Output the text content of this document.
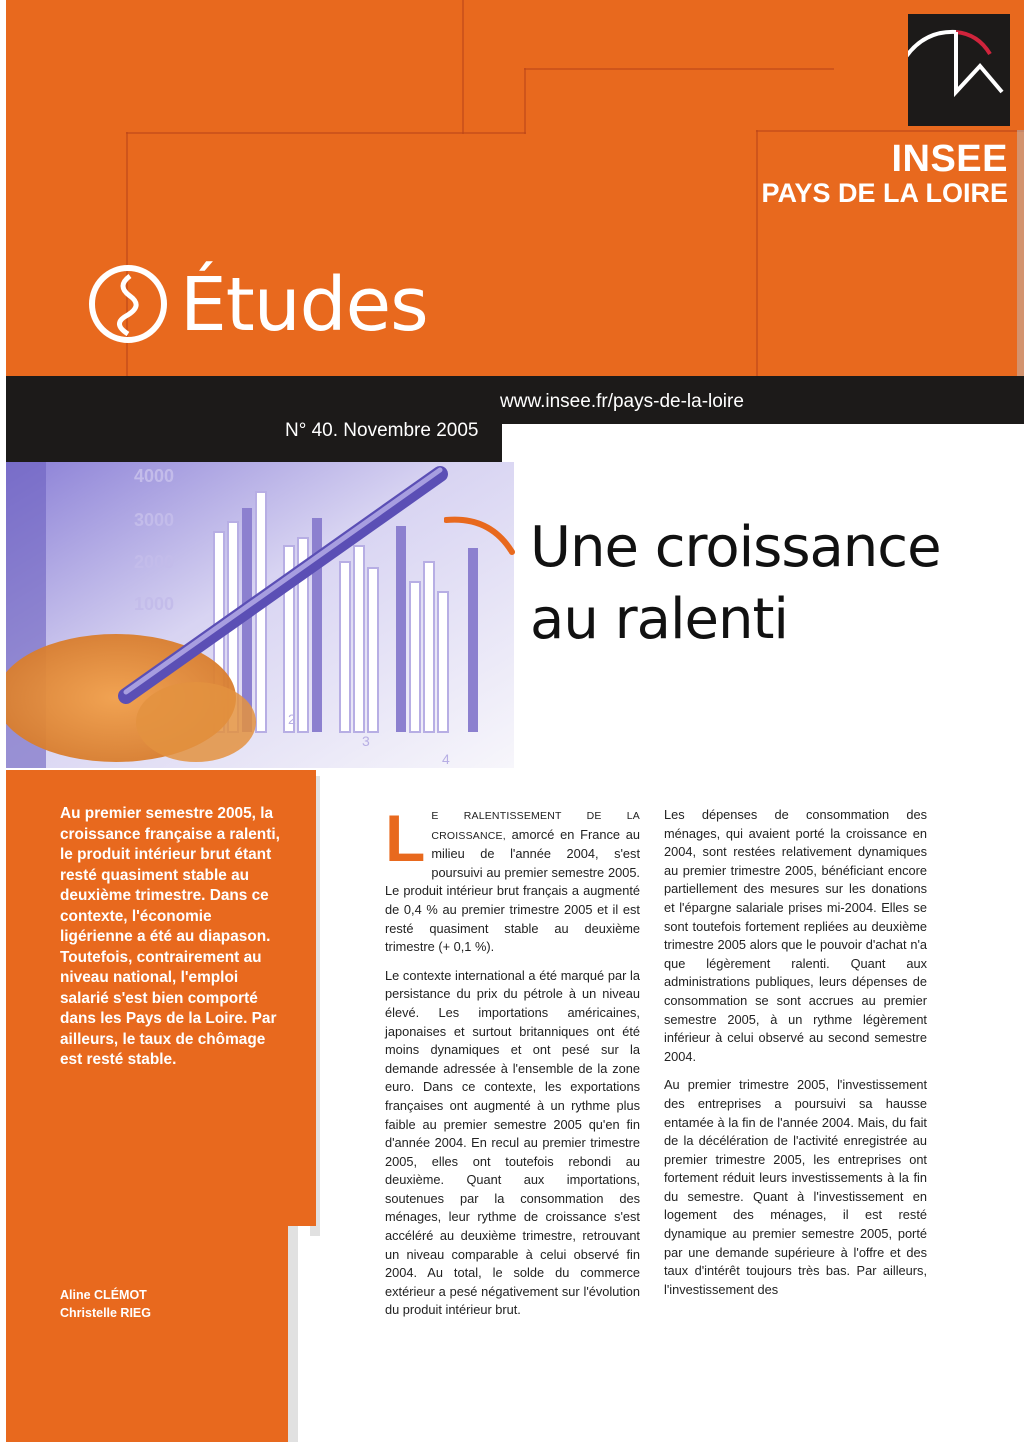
INSEE
PAYS DE LA LOIRE
Études
www.insee.fr/pays-de-la-loire
N° 40. Novembre 2005
4000
3000
2000
1000
2
3
4
Une croissance
au ralenti
Au premier semestre 2005, la croissance française a ralenti, le produit intérieur brut étant resté quasiment stable au deuxième trimestre. Dans ce contexte, l'économie ligérienne a été au diapason. Toutefois, contrairement au niveau national, l'emploi salarié s'est bien comporté dans les Pays de la Loire. Par ailleurs, le taux de chômage est resté stable.
Aline CLÉMOT
Christelle RIEG

L E RALENTISSEMENT DE LA CROISSANCE, amorcé en France au milieu de l'année 2004, s'est poursuivi au premier semestre 2005. Le produit intérieur brut français a augmenté de 0,4 % au premier trimestre 2005 et il est resté quasiment stable au deuxième trimestre (+ 0,1 %).

Le contexte international a été marqué par la persistance du prix du pétrole à un niveau élevé. Les importations américaines, japonaises et surtout britanniques ont été moins dynamiques et ont pesé sur la demande adressée à l'ensemble de la zone euro. Dans ce contexte, les exportations françaises ont augmenté à un rythme plus faible au premier semestre 2005 qu'en fin d'année 2004. En recul au premier trimestre 2005, elles ont toutefois rebondi au deuxième. Quant aux importations, soutenues par la consommation des ménages, leur rythme de croissance s'est accéléré au deuxième trimestre, retrouvant un niveau comparable à celui observé fin 2004. Au total, le solde du commerce extérieur a pesé négativement sur l'évolution du produit intérieur brut.

Les dépenses de consommation des ménages, qui avaient porté la croissance en 2004, sont restées relativement dynamiques au premier trimestre 2005, bénéficiant encore partiellement des mesures sur les donations et l'épargne salariale prises mi-2004. Elles se sont toutefois fortement repliées au deuxième trimestre 2005 alors que le pouvoir d'achat n'a que légèrement ralenti. Quant aux administrations publiques, leurs dépenses de consommation se sont accrues au premier semestre 2005, à un rythme légèrement inférieur à celui observé au second semestre 2004.

Au premier trimestre 2005, l'investissement des entreprises a poursuivi sa hausse entamée à la fin de l'année 2004. Mais, du fait de la décélération de l'activité enregistrée au premier trimestre 2005, les entreprises ont fortement réduit leurs investissements à la fin du semestre. Quant à l'investissement en logement des ménages, il est resté dynamique au premier semestre 2005, porté par une demande supérieure à l'offre et des taux d'intérêt toujours très bas. Par ailleurs, l'investissement des
